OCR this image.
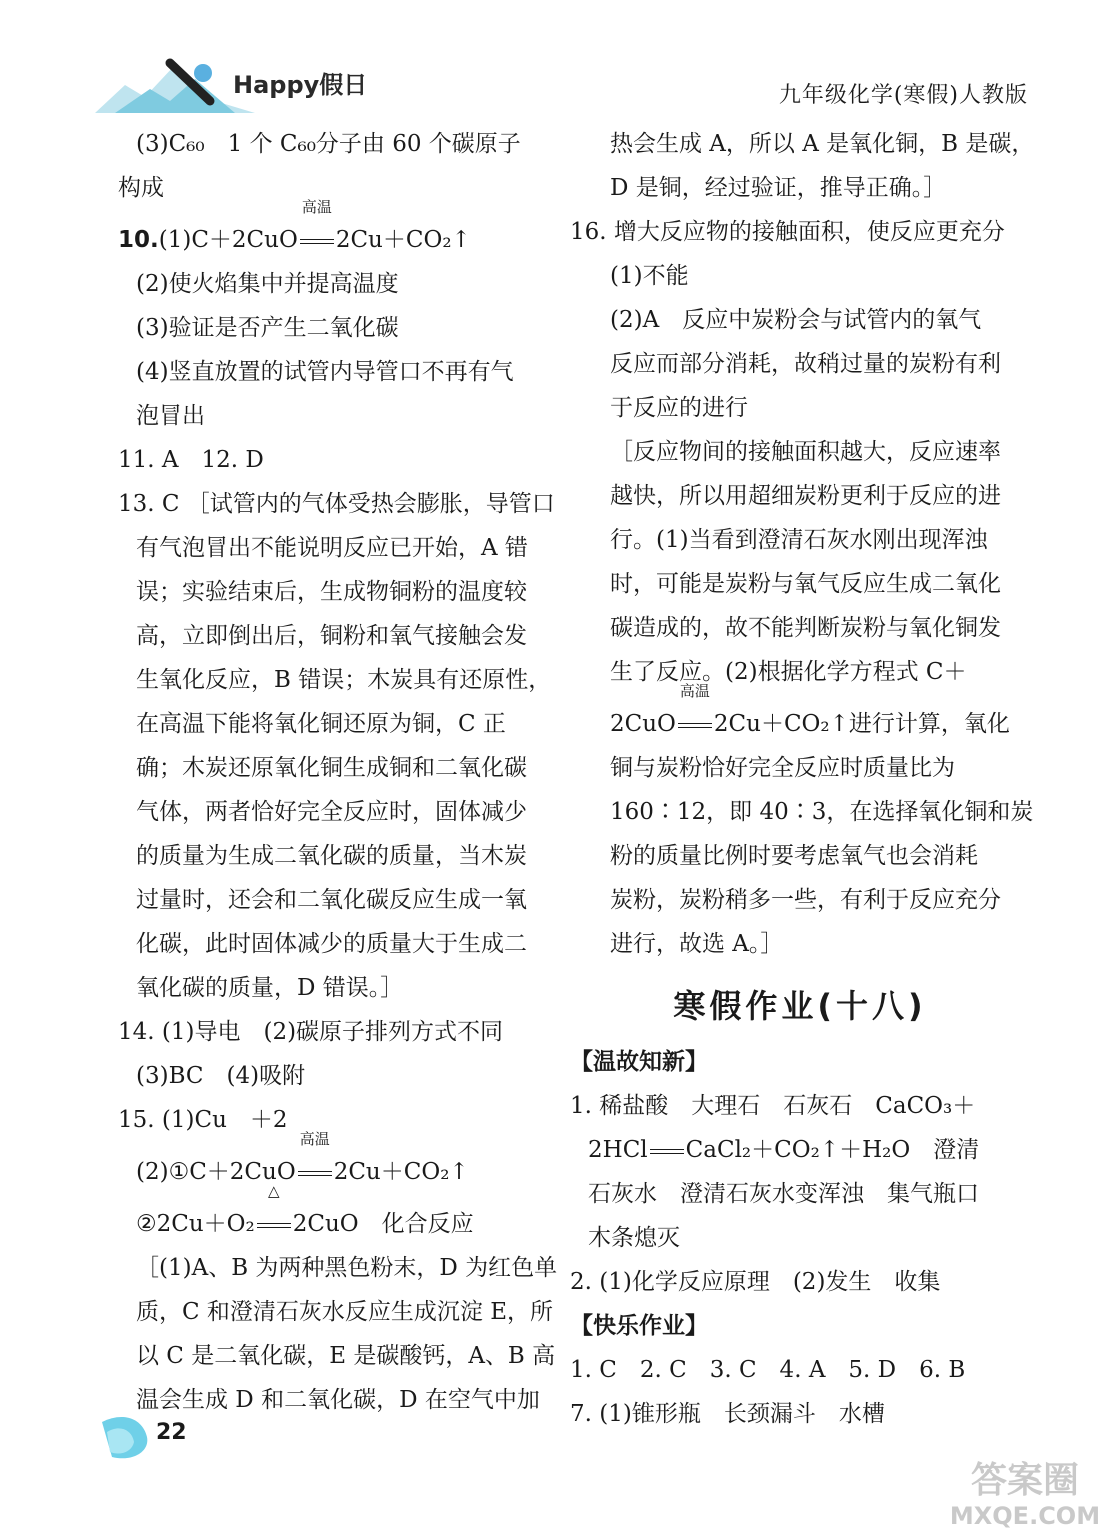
Happy假日	九年级化学(寒假)人教版
(3)C₆₀　1 个 C₆₀分子由 60 个碳原子
构成
10.(1)C＋2CuO
高温
2Cu＋CO₂↑
(2)使火焰集中并提高温度
(3)验证是否产生二氧化碳
(4)竖直放置的试管内导管口不再有气
泡冒出
11. A　12. D
13. C ［试管内的气体受热会膨胀，导管口
有气泡冒出不能说明反应已开始，A 错
误；实验结束后，生成物铜粉的温度较
高，立即倒出后，铜粉和氧气接触会发
生氧化反应，B 错误；木炭具有还原性，
在高温下能将氧化铜还原为铜，C 正
确；木炭还原氧化铜生成铜和二氧化碳
气体，两者恰好完全反应时，固体减少
的质量为生成二氧化碳的质量，当木炭
过量时，还会和二氧化碳反应生成一氧
化碳，此时固体减少的质量大于生成二
氧化碳的质量，D 错误。］
14. (1)导电　(2)碳原子排列方式不同
(3)BC　(4)吸附
15. (1)Cu　＋2
(2)①C＋2CuO
高温
2Cu＋CO₂↑
②2Cu＋O₂
△
2CuO　化合反应
［(1)A、B 为两种黑色粉末，D 为红色单
质，C 和澄清石灰水反应生成沉淀 E，所
以 C 是二氧化碳，E 是碳酸钙，A、B 高
温会生成 D 和二氧化碳，D 在空气中加
热会生成 A，所以 A 是氧化铜，B 是碳，
D 是铜，经过验证，推导正确。］
16. 增大反应物的接触面积，使反应更充分
(1)不能
(2)A　反应中炭粉会与试管内的氧气
反应而部分消耗，故稍过量的炭粉有利
于反应的进行
［反应物间的接触面积越大，反应速率
越快，所以用超细炭粉更利于反应的进
行。(1)当看到澄清石灰水刚出现浑浊
时，可能是炭粉与氧气反应生成二氧化
碳造成的，故不能判断炭粉与氧化铜发
生了反应。(2)根据化学方程式 C＋
2CuO
高温
2Cu＋CO₂↑进行计算，氧化
铜与炭粉恰好完全反应时质量比为
160∶12，即 40∶3，在选择氧化铜和炭
粉的质量比例时要考虑氧气也会消耗
炭粉，炭粉稍多一些，有利于反应充分
进行，故选 A。］
寒假作业(十八)
【温故知新】
1. 稀盐酸　大理石　石灰石　CaCO₃＋
2HCl CaCl₂＋CO₂↑＋H₂O　澄清
石灰水　澄清石灰水变浑浊　集气瓶口
木条熄灭
2. (1)化学反应原理　(2)发生　收集
【快乐作业】
1. C　2. C　3. C　4. A　5. D　6. B
7. (1)锥形瓶　长颈漏斗　水槽
22
答案圈
MXQE.COM
